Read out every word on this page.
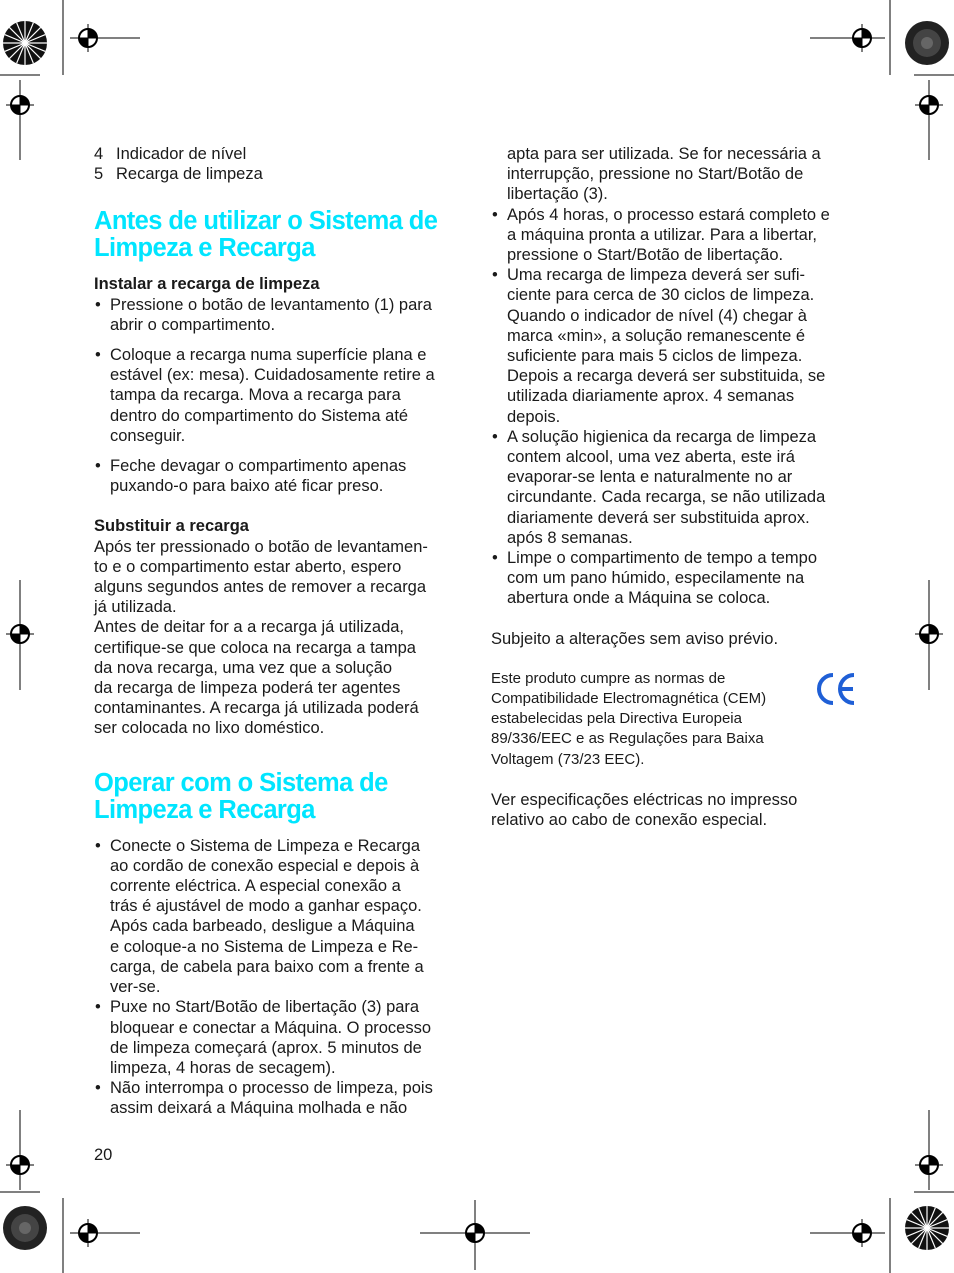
4 Indicador de nível
5 Recarga de limpeza
Antes de utilizar o Sistema de
Limpeza e Recarga

Instalar a recarga de limpeza

• Pressione o botão de levantamento (1) para
abrir o compartimento.
• Coloque a recarga numa superfície plana e
estável (ex: mesa). Cuidadosamente retire a
tampa da recarga. Mova a recarga para
dentro do compartimento do Sistema até
conseguir.
• Feche devagar o compartimento apenas
puxando-o para baixo até ficar preso.

Substituir a recarga

Após ter pressionado o botão de levantamen-
to e o compartimento estar aberto, espero
alguns segundos antes de remover a recarga
já utilizada.
Antes de deitar for a a recarga já utilizada,
certifique-se que coloca na recarga a tampa
da nova recarga, uma vez que a solução
da recarga de limpeza poderá ter agentes
contaminantes. A recarga já utilizada poderá
ser colocada no lixo doméstico.
Operar com o Sistema de
Limpeza e Recarga
• Conecte o Sistema de Limpeza e Recarga
ao cordão de conexão especial e depois à
corrente eléctrica. A especial conexão a
trás é ajustável de modo a ganhar espaço.
Após cada barbeado, desligue a Máquina
e coloque-a no Sistema de Limpeza e Re-
carga, de cabela para baixo com a frente a
ver-se.
• Puxe no Start/Botão de libertação (3) para
bloquear e conectar a Máquina. O processo
de limpeza começará (aprox. 5 minutos de
limpeza, 4 horas de secagem).
• Não interrompa o processo de limpeza, pois
assim deixará a Máquina molhada e não
apta para ser utilizada. Se for necessária a
interrupção, pressione no Start/Botão de
libertação (3).
• Após 4 horas, o processo estará completo e
a máquina pronta a utilizar. Para a libertar,
pressione o Start/Botão de libertação.
• Uma recarga de limpeza deverá ser sufi-
ciente para cerca de 30 ciclos de limpeza.
Quando o indicador de nível (4) chegar à
marca «min», a solução remanescente é
suficiente para mais 5 ciclos de limpeza.
Depois a recarga deverá ser substituida, se
utilizada diariamente aprox. 4 semanas
depois.
• A solução higienica da recarga de limpeza
contem alcool, uma vez aberta, este irá
evaporar-se lenta e naturalmente no ar
circundante. Cada recarga, se não utilizada
diariamente deverá ser substituida aprox.
após 8 semanas.
• Limpe o compartimento de tempo a tempo
com um pano húmido, especilamente na
abertura onde a Máquina se coloca.

Subjeito a alterações sem aviso prévio.

Este produto cumpre as normas de
Compatibilidade Electromagnética (CEM)
estabelecidas pela Directiva Europeia
89/336/EEC e as Regulações para Baixa
Voltagem (73/23 EEC).
Ver especificações eléctricas no impresso
relativo ao cabo de conexão especial.
20
